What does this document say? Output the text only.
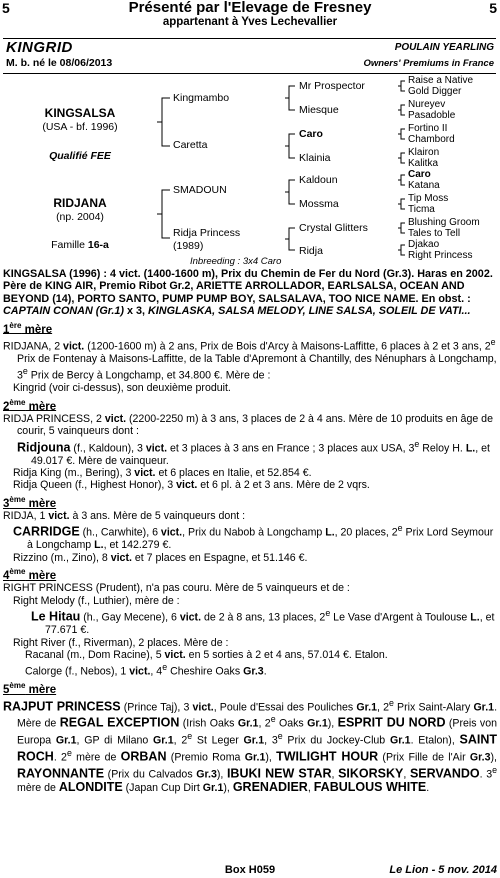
5	Présenté par l'Elevage de Fresney	5
appartenant à Yves Lechevallier
KINGRID	POULAIN YEARLING
M. b. né le 08/06/2013	Owners' Premiums in France
KINGSALSA
(USA - bf. 1996)
Qualifié FEE
RIDJANA
(np. 2004)
Famille 16-a
Kingmambo
Caretta
SMADOUN
Ridja Princess
(1989)
Mr Prospector
Miesque
Caro
Klainia
Kaldoun
Mossma
Crystal Glitters
Ridja
Raise a Native
Gold Digger
Nureyev
Pasadoble
Fortino II
Chambord
Klairon
Kalitka
Caro
Katana
Tip Moss
Ticma
Blushing Groom
Tales to Tell
Djakao
Right Princess
Inbreeding : 3x4 Caro

KINGSALSA (1996) : 4 vict. (1400-1600 m), Prix du Chemin de Fer du Nord (Gr.3). Haras en 2002. Père de KING AIR, Premio Ribot Gr.2, ARIETTE ARROLLADOR, EARLSALSA, OCEAN AND BEYOND (14), PORTO SANTO, PUMP PUMP BOY, SALSALAVA, TOO NICE NAME. En obst. : CAPTAIN CONAN (Gr.1) x 3, KINGLASKA, SALSA MELODY, LINE SALSA, SOLEIL DE VATI...

1ère mère

RIDJANA, 2 vict. (1200-1600 m) à 2 ans, Prix de Bois d'Arcy à Maisons-Laffitte, 6 places à 2 et 3 ans, 2e Prix de Fontenay à Maisons-Laffitte, de la Table d'Apremont à Chantilly, des Nénuphars à Longchamp, 3e Prix de Bercy à Longchamp, et 34.800 €. Mère de :

Kingrid (voir ci-dessus), son deuxième produit.

2ème mère

RIDJA PRINCESS, 2 vict. (2200-2250 m) à 3 ans, 3 places de 2 à 4 ans. Mère de 10 produits en âge de courir, 5 vainqueurs dont :

Ridjouna (f., Kaldoun), 3 vict. et 3 places à 3 ans en France ; 3 places aux USA, 3e Reloy H. L., et 49.017 €. Mère de vainqueur.

Ridja King (m., Bering), 3 vict. et 6 places en Italie, et 52.854 €.

Ridja Queen (f., Highest Honor), 3 vict. et 6 pl. à 2 et 3 ans. Mère de 2 vqrs.

3ème mère

RIDJA, 1 vict. à 3 ans. Mère de 5 vainqueurs dont :

CARRIDGE (h., Carwhite), 6 vict., Prix du Nabob à Longchamp L., 20 places, 2e Prix Lord Seymour à Longchamp L., et 142.279 €.

Rizzino (m., Zino), 8 vict. et 7 places en Espagne, et 51.146 €.

4ème mère

RIGHT PRINCESS (Prudent), n'a pas couru. Mère de 5 vainqueurs et de :

Right Melody (f., Luthier), mère de :

Le Hitau (h., Gay Mecene), 6 vict. de 2 à 8 ans, 13 places, 2e Le Vase d'Argent à Toulouse L., et 77.671 €.

Right River (f., Riverman), 2 places. Mère de :

Racanal (m., Dom Racine), 5 vict. en 5 sorties à 2 et 4 ans, 57.014 €. Etalon.

Calorge (f., Nebos), 1 vict., 4e Cheshire Oaks Gr.3.

5ème mère

RAJPUT PRINCESS (Prince Taj), 3 vict., Poule d'Essai des Pouliches Gr.1, 2e Prix Saint-Alary Gr.1. Mère de REGAL EXCEPTION (Irish Oaks Gr.1, 2e Oaks Gr.1), ESPRIT DU NORD (Preis von Europa Gr.1, GP di Milano Gr.1, 2e St Leger Gr.1, 3e Prix du Jockey-Club Gr.1. Etalon), SAINT ROCH. 2e mère de ORBAN (Premio Roma Gr.1), TWILIGHT HOUR (Prix Fille de l'Air Gr.3), RAYONNANTE (Prix du Calvados Gr.3), IBUKI NEW STAR, SIKORSKY, SERVANDO. 3e mère de ALONDITE (Japan Cup Dirt Gr.1), GRENADIER, FABULOUS WHITE.

Box H059	Le Lion - 5 nov. 2014
